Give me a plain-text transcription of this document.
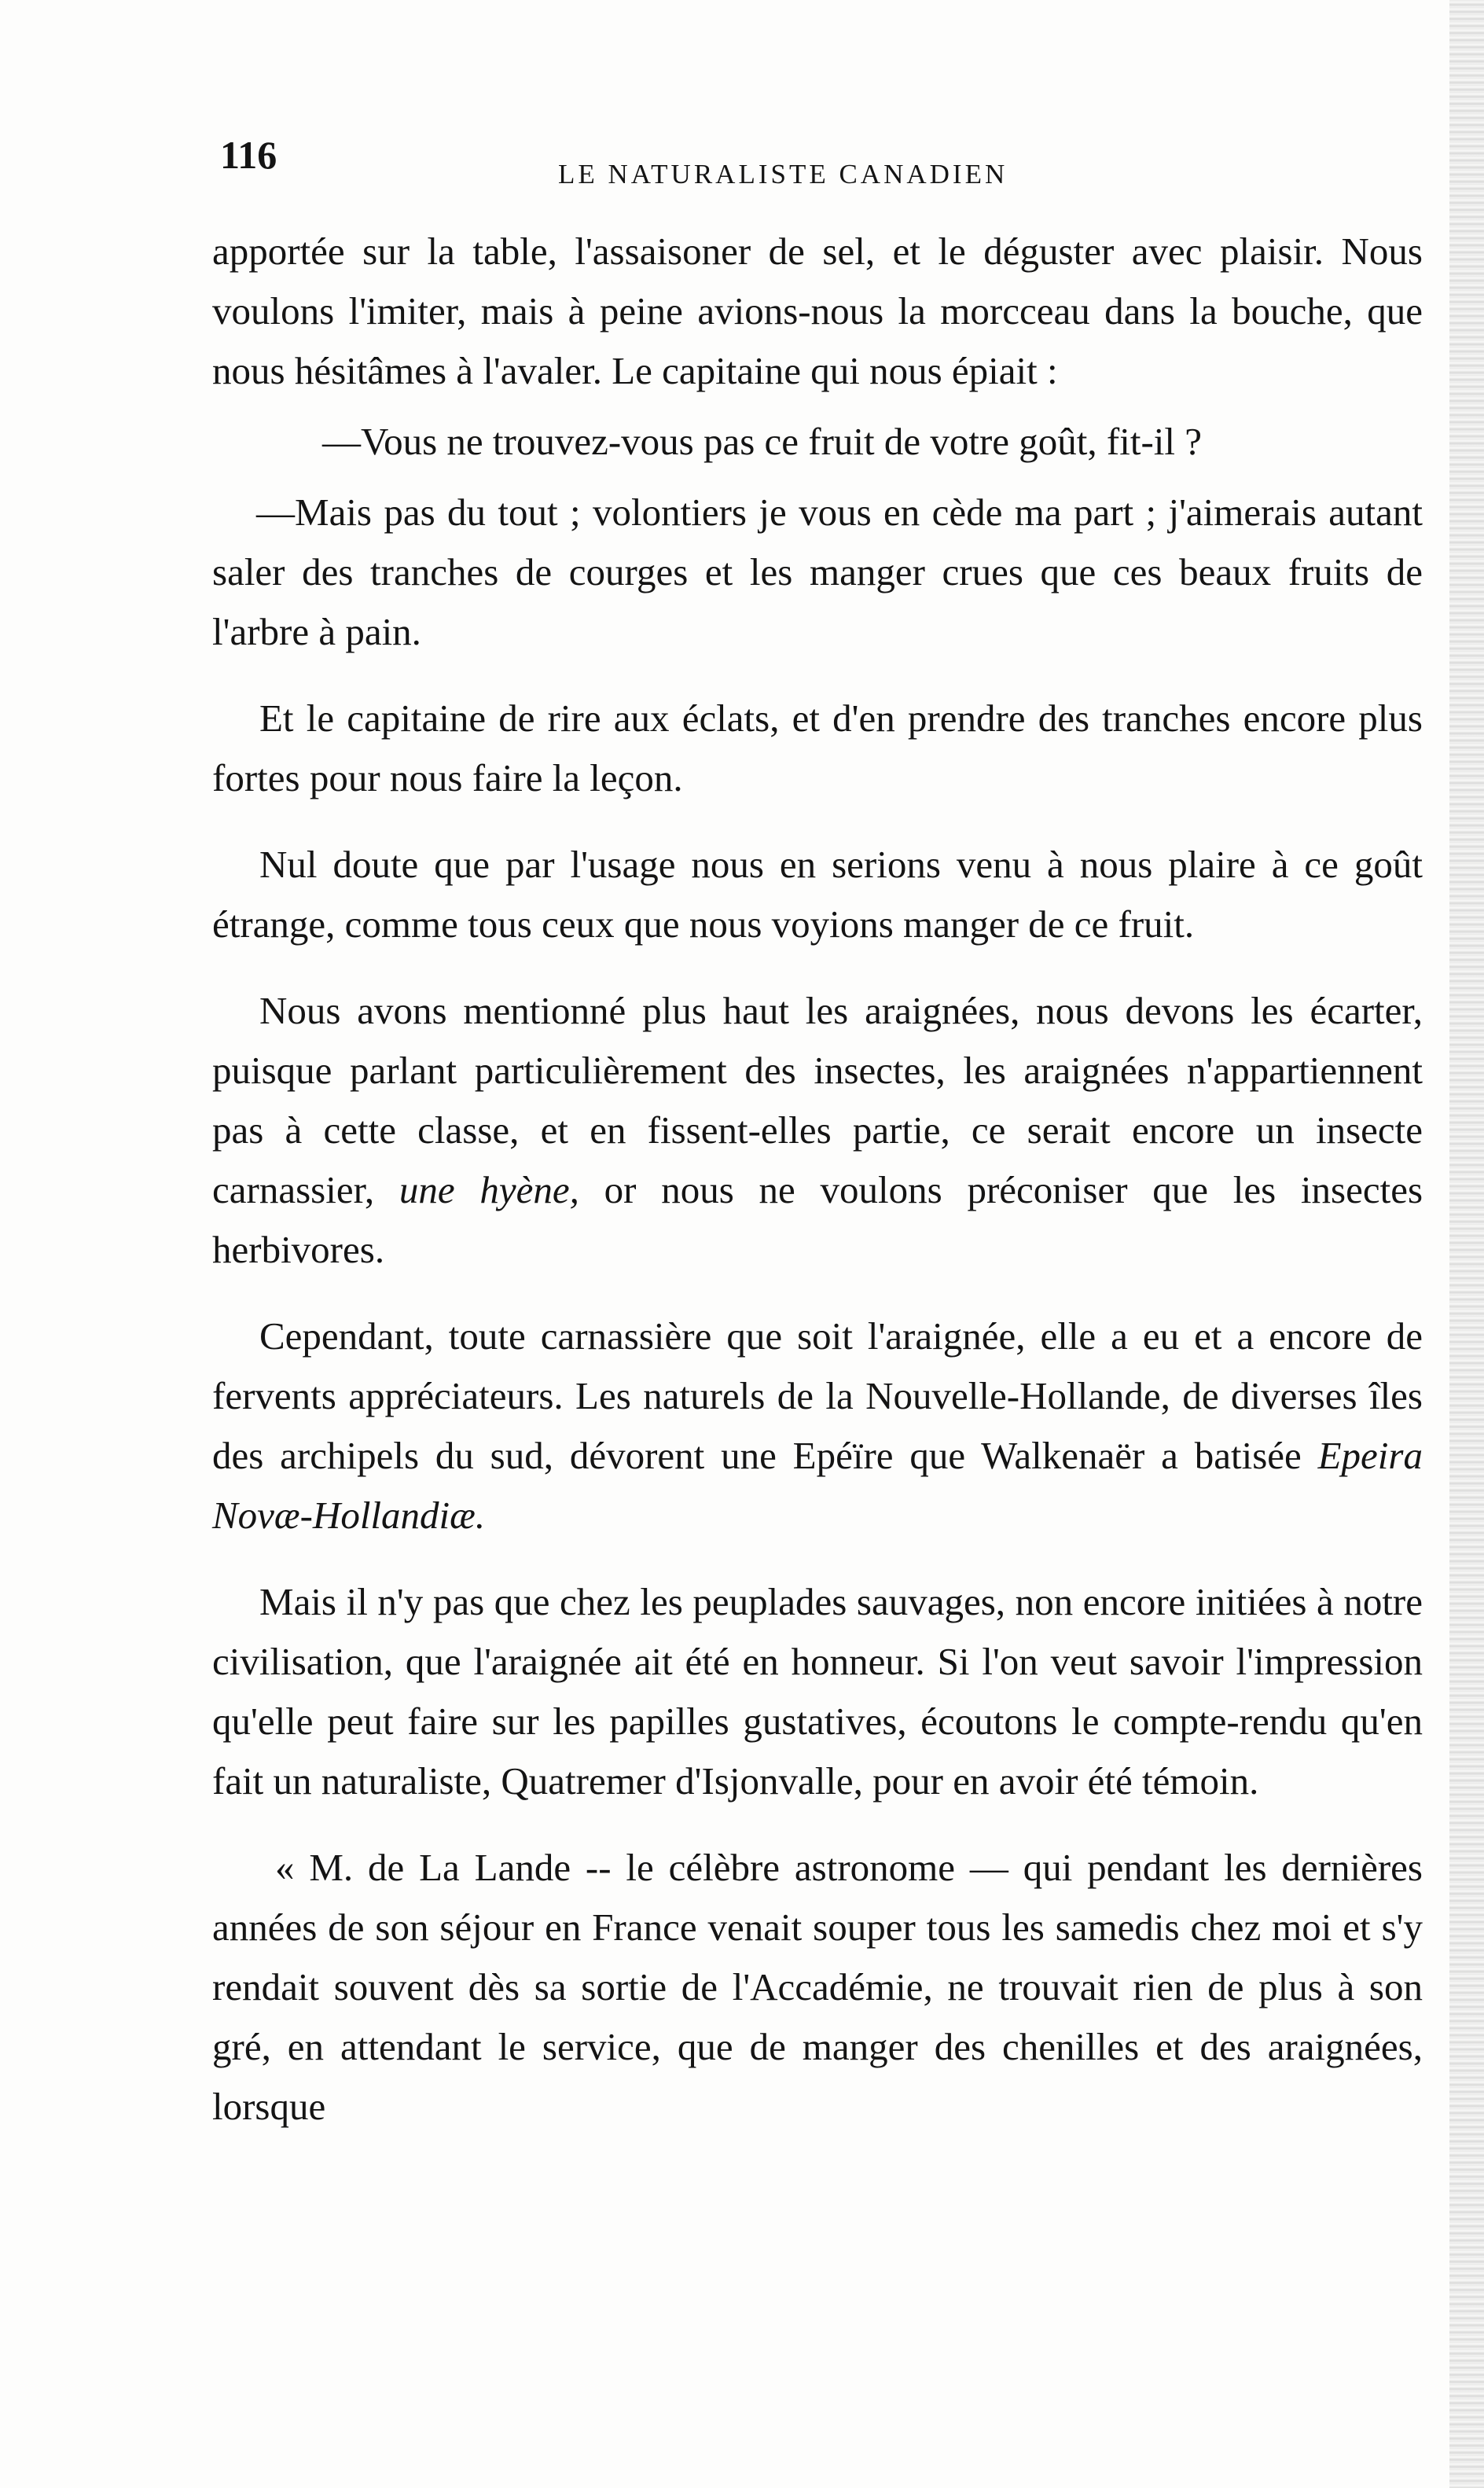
116	LE NATURALISTE CANADIEN

apportée sur la table, l'assaisoner de sel, et le déguster avec plaisir. Nous voulons l'imiter, mais à peine avions-nous la morcceau dans la bouche, que nous hésitâmes à l'avaler. Le capitaine qui nous épiait :

—Vous ne trouvez-vous pas ce fruit de votre goût, fit-il ?

—Mais pas du tout ; volontiers je vous en cède ma part ; j'aimerais autant saler des tranches de courges et les manger crues que ces beaux fruits de l'arbre à pain.

Et le capitaine de rire aux éclats, et d'en prendre des tranches encore plus fortes pour nous faire la leçon.

Nul doute que par l'usage nous en serions venu à nous plaire à ce goût étrange, comme tous ceux que nous voyions manger de ce fruit.

Nous avons mentionné plus haut les araignées, nous devons les écarter, puisque parlant particulièrement des insectes, les araignées n'appartiennent pas à cette classe, et en fissent-elles partie, ce serait encore un insecte carnassier, une hyène, or nous ne voulons préconiser que les insectes herbivores.

Cependant, toute carnassière que soit l'araignée, elle a eu et a encore de fervents appréciateurs. Les naturels de la Nouvelle-Hollande, de diverses îles des archipels du sud, dévorent une Epéïre que Walkenaër a batisée Epeira Novæ-Hollandiæ.

Mais il n'y pas que chez les peuplades sauvages, non encore initiées à notre civilisation, que l'araignée ait été en honneur. Si l'on veut savoir l'impression qu'elle peut faire sur les papilles gustatives, écoutons le compte-rendu qu'en fait un naturaliste, Quatremer d'Isjonvalle, pour en avoir été témoin.

« M. de La Lande -- le célèbre astronome — qui pendant les dernières années de son séjour en France venait souper tous les samedis chez moi et s'y rendait souvent dès sa sortie de l'Accadémie, ne trouvait rien de plus à son gré, en attendant le service, que de manger des chenilles et des araignées, lorsque
